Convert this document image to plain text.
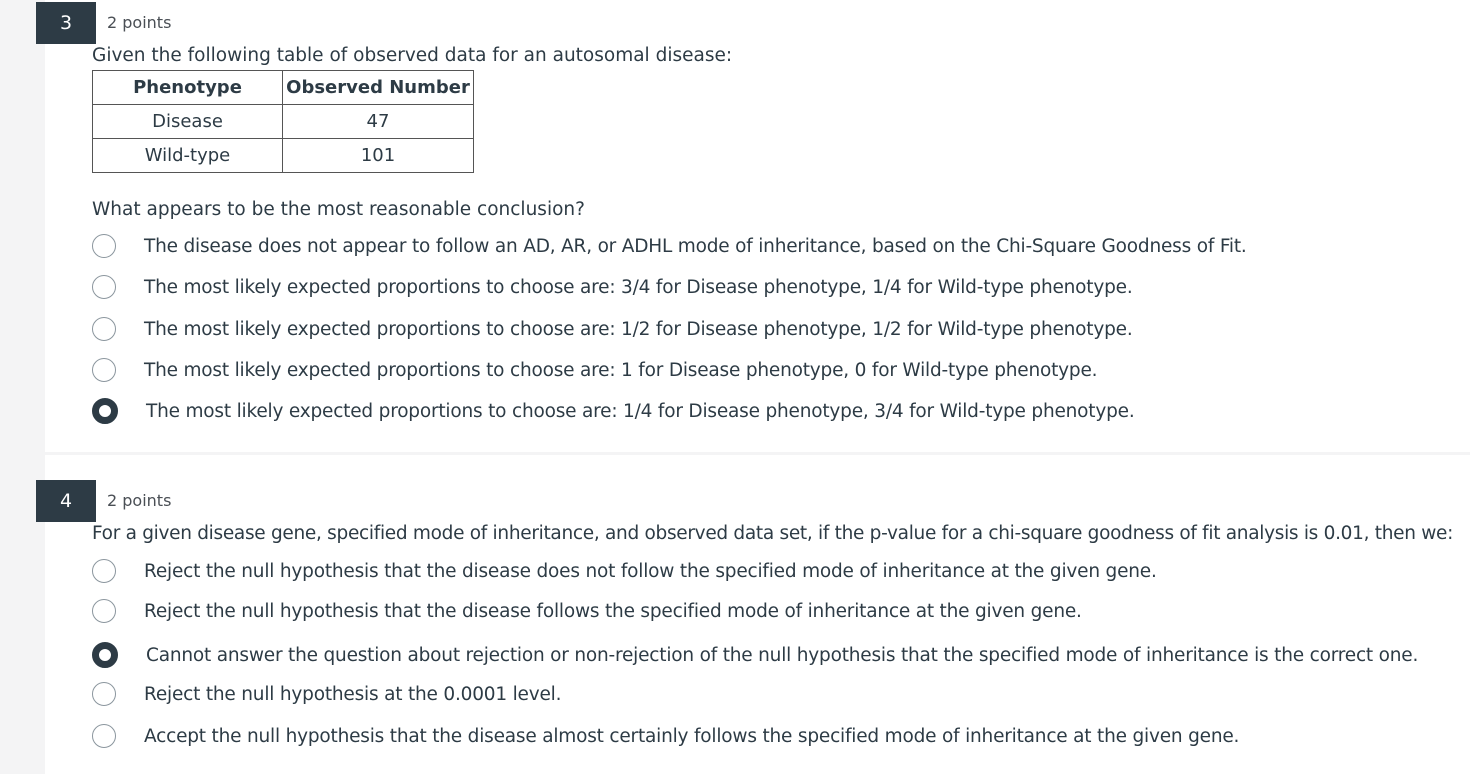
3	2 points
Given the following table of observed data for an autosomal disease:
Phenotype	Observed Number
Disease	47
Wild-type	101
What appears to be the most reasonable conclusion?
The disease does not appear to follow an AD, AR, or ADHL mode of inheritance, based on the Chi-Square Goodness of Fit.
The most likely expected proportions to choose are: 3/4 for Disease phenotype, 1/4 for Wild-type phenotype.
The most likely expected proportions to choose are: 1/2 for Disease phenotype, 1/2 for Wild-type phenotype.
The most likely expected proportions to choose are: 1 for Disease phenotype, 0 for Wild-type phenotype.
The most likely expected proportions to choose are: 1/4 for Disease phenotype, 3/4 for Wild-type phenotype.
4	2 points
For a given disease gene, specified mode of inheritance, and observed data set, if the p-value for a chi-square goodness of fit analysis is 0.01, then we:
Reject the null hypothesis that the disease does not follow the specified mode of inheritance at the given gene.
Reject the null hypothesis that the disease follows the specified mode of inheritance at the given gene.
Cannot answer the question about rejection or non-rejection of the null hypothesis that the specified mode of inheritance is the correct one.
Reject the null hypothesis at the 0.0001 level.
Accept the null hypothesis that the disease almost certainly follows the specified mode of inheritance at the given gene.
